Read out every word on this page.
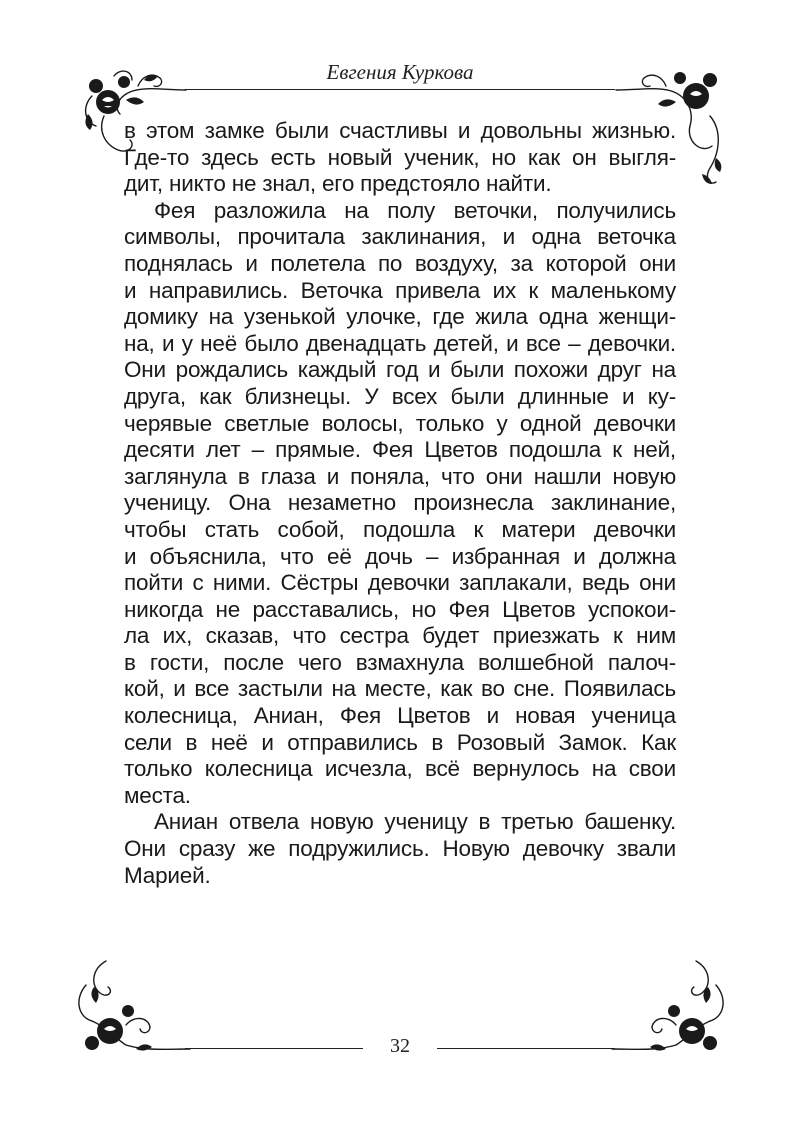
Евгения Куркова

в этом замке были счастливы и довольны жизнью.
Где-то здесь есть новый ученик, но как он выгля-
дит, никто не знал, его предстояло найти.

Фея разложила на полу веточки, получились
символы, прочитала заклинания, и одна веточка
поднялась и полетела по воздуху, за которой они
и направились. Веточка привела их к маленькому
домику на узенькой улочке, где жила одна женщи-
на, и у неё было двенадцать детей, и все – девочки.
Они рождались каждый год и были похожи друг на
друга, как близнецы. У всех были длинные и ку-
черявые светлые волосы, только у одной девочки
десяти лет – прямые. Фея Цветов подошла к ней,
заглянула в глаза и поняла, что они нашли новую
ученицу. Она незаметно произнесла заклинание,
чтобы стать собой, подошла к матери девочки
и объяснила, что её дочь – избранная и должна
пойти с ними. Сёстры девочки заплакали, ведь они
никогда не расставались, но Фея Цветов успокои-
ла их, сказав, что сестра будет приезжать к ним
в гости, после чего взмахнула волшебной палоч-
кой, и все застыли на месте, как во сне. Появилась
колесница, Аниан, Фея Цветов и новая ученица
сели в неё и отправились в Розовый Замок. Как
только колесница исчезла, всё вернулось на свои
места.

Аниан отвела новую ученицу в третью башенку.
Они сразу же подружились. Новую девочку звали
Марией.

32
